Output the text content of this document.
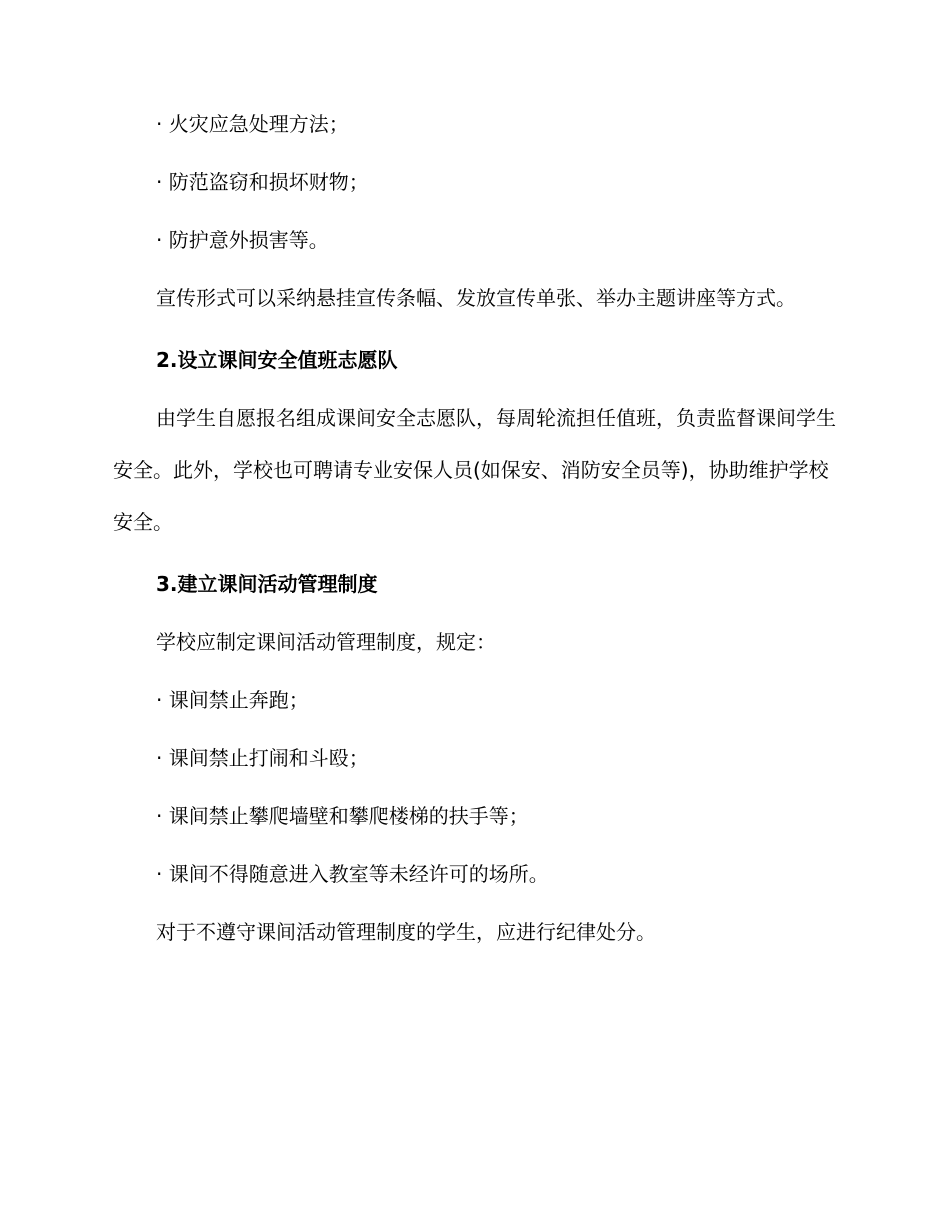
· 火灾应急处理方法；

· 防范盗窃和损坏财物；

· 防护意外损害等。

宣传形式可以采纳悬挂宣传条幅、发放宣传单张、举办主题讲座等方式。

2.设立课间安全值班志愿队

由学生自愿报名组成课间安全志愿队，每周轮流担任值班，负责监督课间学生安全。此外，学校也可聘请专业安保人员(如保安、消防安全员等)，协助维护学校安全。

3.建立课间活动管理制度

学校应制定课间活动管理制度，规定：

· 课间禁止奔跑；

· 课间禁止打闹和斗殴；

· 课间禁止攀爬墙壁和攀爬楼梯的扶手等；

· 课间不得随意进入教室等未经许可的场所。

对于不遵守课间活动管理制度的学生，应进行纪律处分。
